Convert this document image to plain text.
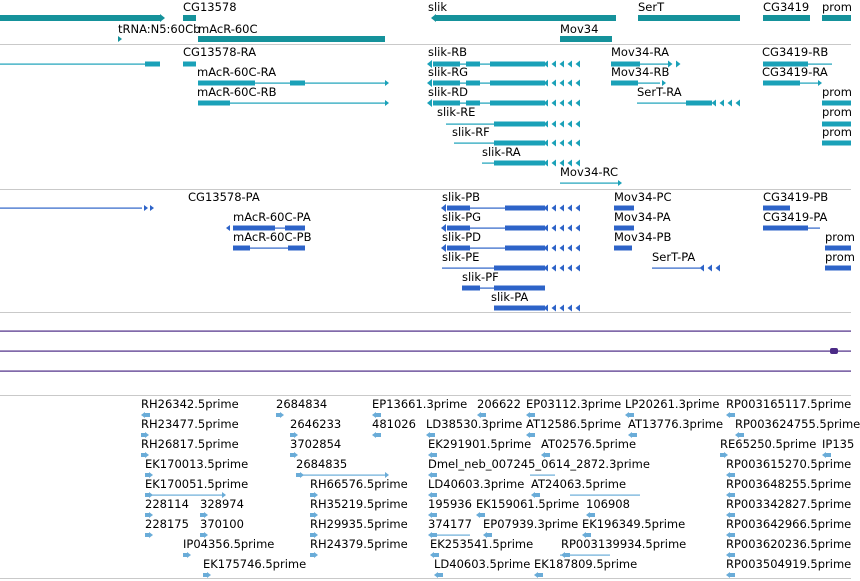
CG13578
tRNA:N5:60Cb
mAcR-60C
slik
Mov34
SerT	CG3419 prom
CG13578-RA
mAcR-60C-RA
mAcR-60C-RB
slik-RB
slik-RG
slik-RD
slik-RE
slik-RF
slik-RA
Mov34-RA
Mov34-RB
Mov34-RC
SerT-RA
CG3419-RB
CG3419-RA
prom
prom
prom
CG13578-PA
mAcR-60C-PA
mAcR-60C-PB
slik-PB
slik-PG
slik-PD
slik-PE
slik-PF
slik-PA
Mov34-PC
Mov34-PA
Mov34-PB
SerT-PA
CG3419-PB
CG3419-PA
prom
prom
RH26342.5prime	2684834	EP13661.3prime 206622 EP03112.3prime LP20261.3prime RP003165117.5prime
RH23477.5prime	2646233	481026 LD38530.3prime AT12586.5prime AT13776.3prime RP003624755.5prime
RH26817.5prime	3702854	EK291901.5prime AT02576.5prime	RE65250.5prime IP135
EK170013.5prime	2684835	Dmel_neb_007245_0614_2872.3prime	RP003615270.5prime
EK170051.5prime	RH66576.5prime LD40603.3prime AT24063.5prime	RP003648255.5prime
228114 328974	RH35219.5prime 195936 EK159061.5prime 106908	RP003342827.5prime
228175 370100	RH29935.5prime 374177 EP07939.3prime EK196349.5prime	RP003642966.5prime
IP04356.5prime	RH24379.5prime EK253541.5prime RP003139934.5prime	RP003620236.5prime
EK175746.5prime	LD40603.5prime EK187809.5prime	RP003504919.5prime
